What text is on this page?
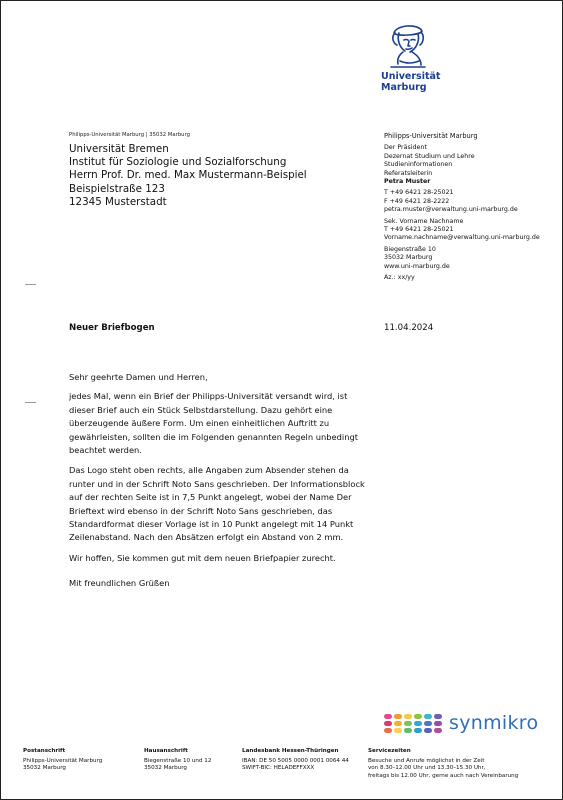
Universität
Marburg
Philipps-Universität Marburg | 35032 Marburg
Universität Bremen
Institut für Soziologie und Sozialforschung
Herrn Prof. Dr. med. Max Mustermann-Beispiel
Beispielstraße 123
12345 Musterstadt
Philipps-Universität Marburg
Der Präsident
Dezernat Studium und Lehre
Studieninformationen
Referatsleiterin
Petra Muster
T +49 6421 28-25021
F +49 6421 28-2222
petra.muster@verwaltung.uni-marburg.de
Sek. Vorname Nachname
T +49 6421 28-25021
Vorname.nachname@verwaltung.uni-marburg.de
Biegenstraße 10
35032 Marburg
www.uni-marburg.de
Az.: xx/yy
Neuer Briefbogen	11.04.2024

Sehr geehrte Damen und Herren,

jedes Mal, wenn ein Brief der Philipps-Universität versandt wird, ist dieser Brief auch ein Stück Selbstdarstellung. Dazu gehört eine überzeugende äußere Form. Um einen einheitlichen Auftritt zu gewährleisten, sollten die im Folgenden genannten Regeln unbedingt beachtet werden.

Das Logo steht oben rechts, alle Angaben zum Absender stehen da runter und in der Schrift Noto Sans geschrieben. Der Informationsblock auf der rechten Seite ist in 7,5 Punkt angelegt, wobei der Name Der Brieftext wird ebenso in der Schrift Noto Sans geschrieben, das Standardformat dieser Vorlage ist in 10 Punkt angelegt mit 14 Punkt Zeilenabstand. Nach den Absätzen erfolgt ein Abstand von 2 mm.

Wir hoffen, Sie kommen gut mit dem neuen Briefpapier zurecht.

Mit freundlichen Grüßen

synmikro
Postanschrift
Philipps-Universität Marburg
35032 Marburg
Hausanschrift
Biegenstraße 10 und 12
35032 Marburg
Landesbank Hessen-Thüringen
IBAN: DE 50 5005 0000 0001 0064 44
SWIFT-BIC: HELADEFFXXX
Servicezeiten
Besuche und Anrufe möglichst in der Zeit
von 8.30–12.00 Uhr und 13.30–15.30 Uhr,
freitags bis 12.00 Uhr, gerne auch nach Vereinbarung
